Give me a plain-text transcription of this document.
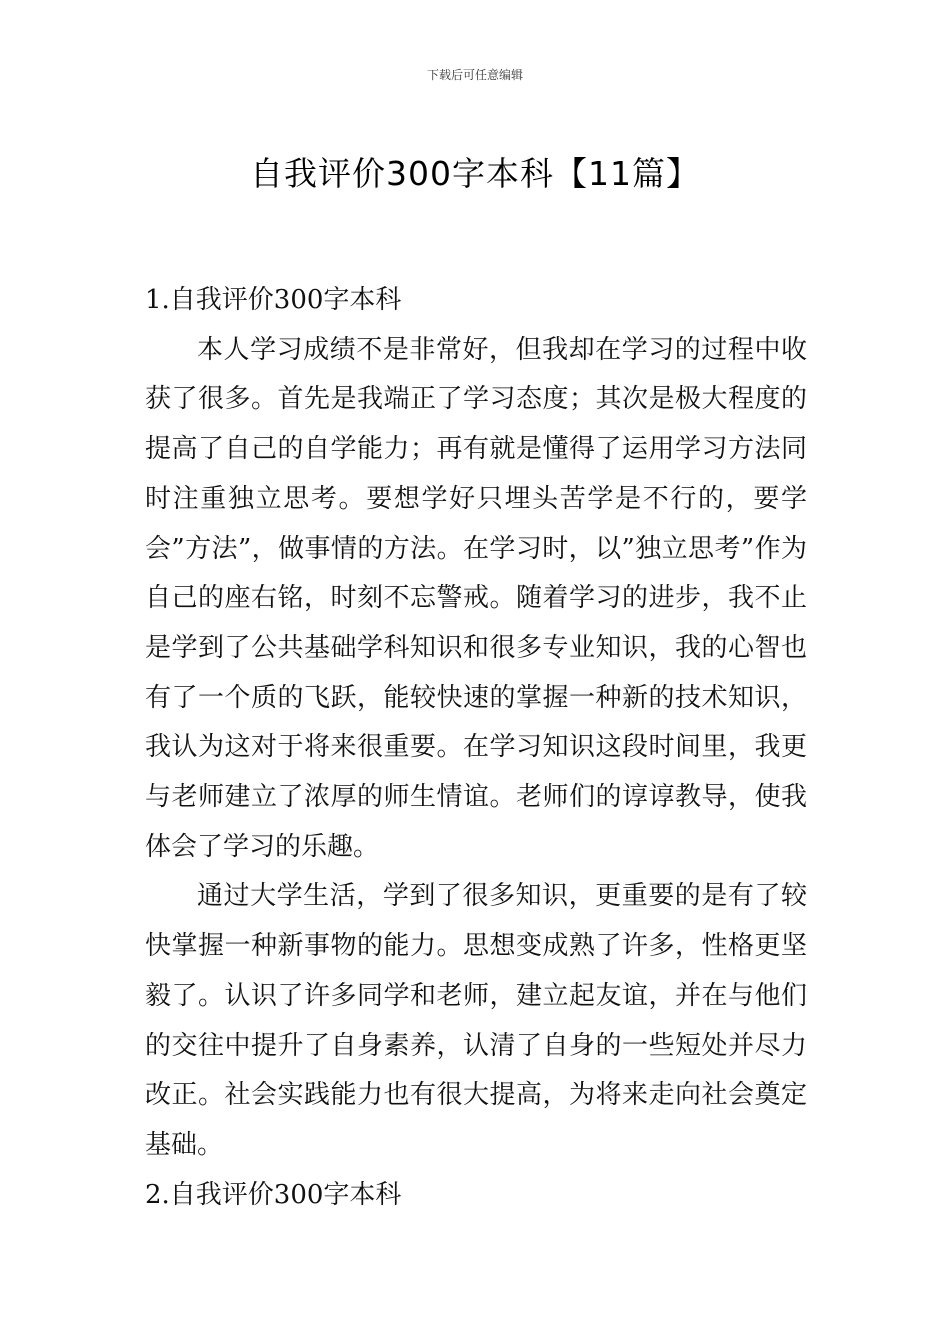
下载后可任意编辑
自我评价300字本科【11篇】

1.自我评价300字本科

本人学习成绩不是非常好，但我却在学习的过程中收获了很多。首先是我端正了学习态度；其次是极大程度的提高了自己的自学能力；再有就是懂得了运用学习方法同时注重独立思考。要想学好只埋头苦学是不行的，要学会”方法”，做事情的方法。在学习时，以”独立思考”作为自己的座右铭，时刻不忘警戒。随着学习的进步，我不止是学到了公共基础学科知识和很多专业知识，我的心智也有了一个质的飞跃，能较快速的掌握一种新的技术知识，我认为这对于将来很重要。在学习知识这段时间里，我更与老师建立了浓厚的师生情谊。老师们的谆谆教导，使我体会了学习的乐趣。

通过大学生活，学到了很多知识，更重要的是有了较快掌握一种新事物的能力。思想变成熟了许多，性格更坚毅了。认识了许多同学和老师，建立起友谊，并在与他们的交往中提升了自身素养，认清了自身的一些短处并尽力改正。社会实践能力也有很大提高，为将来走向社会奠定基础。

2.自我评价300字本科
